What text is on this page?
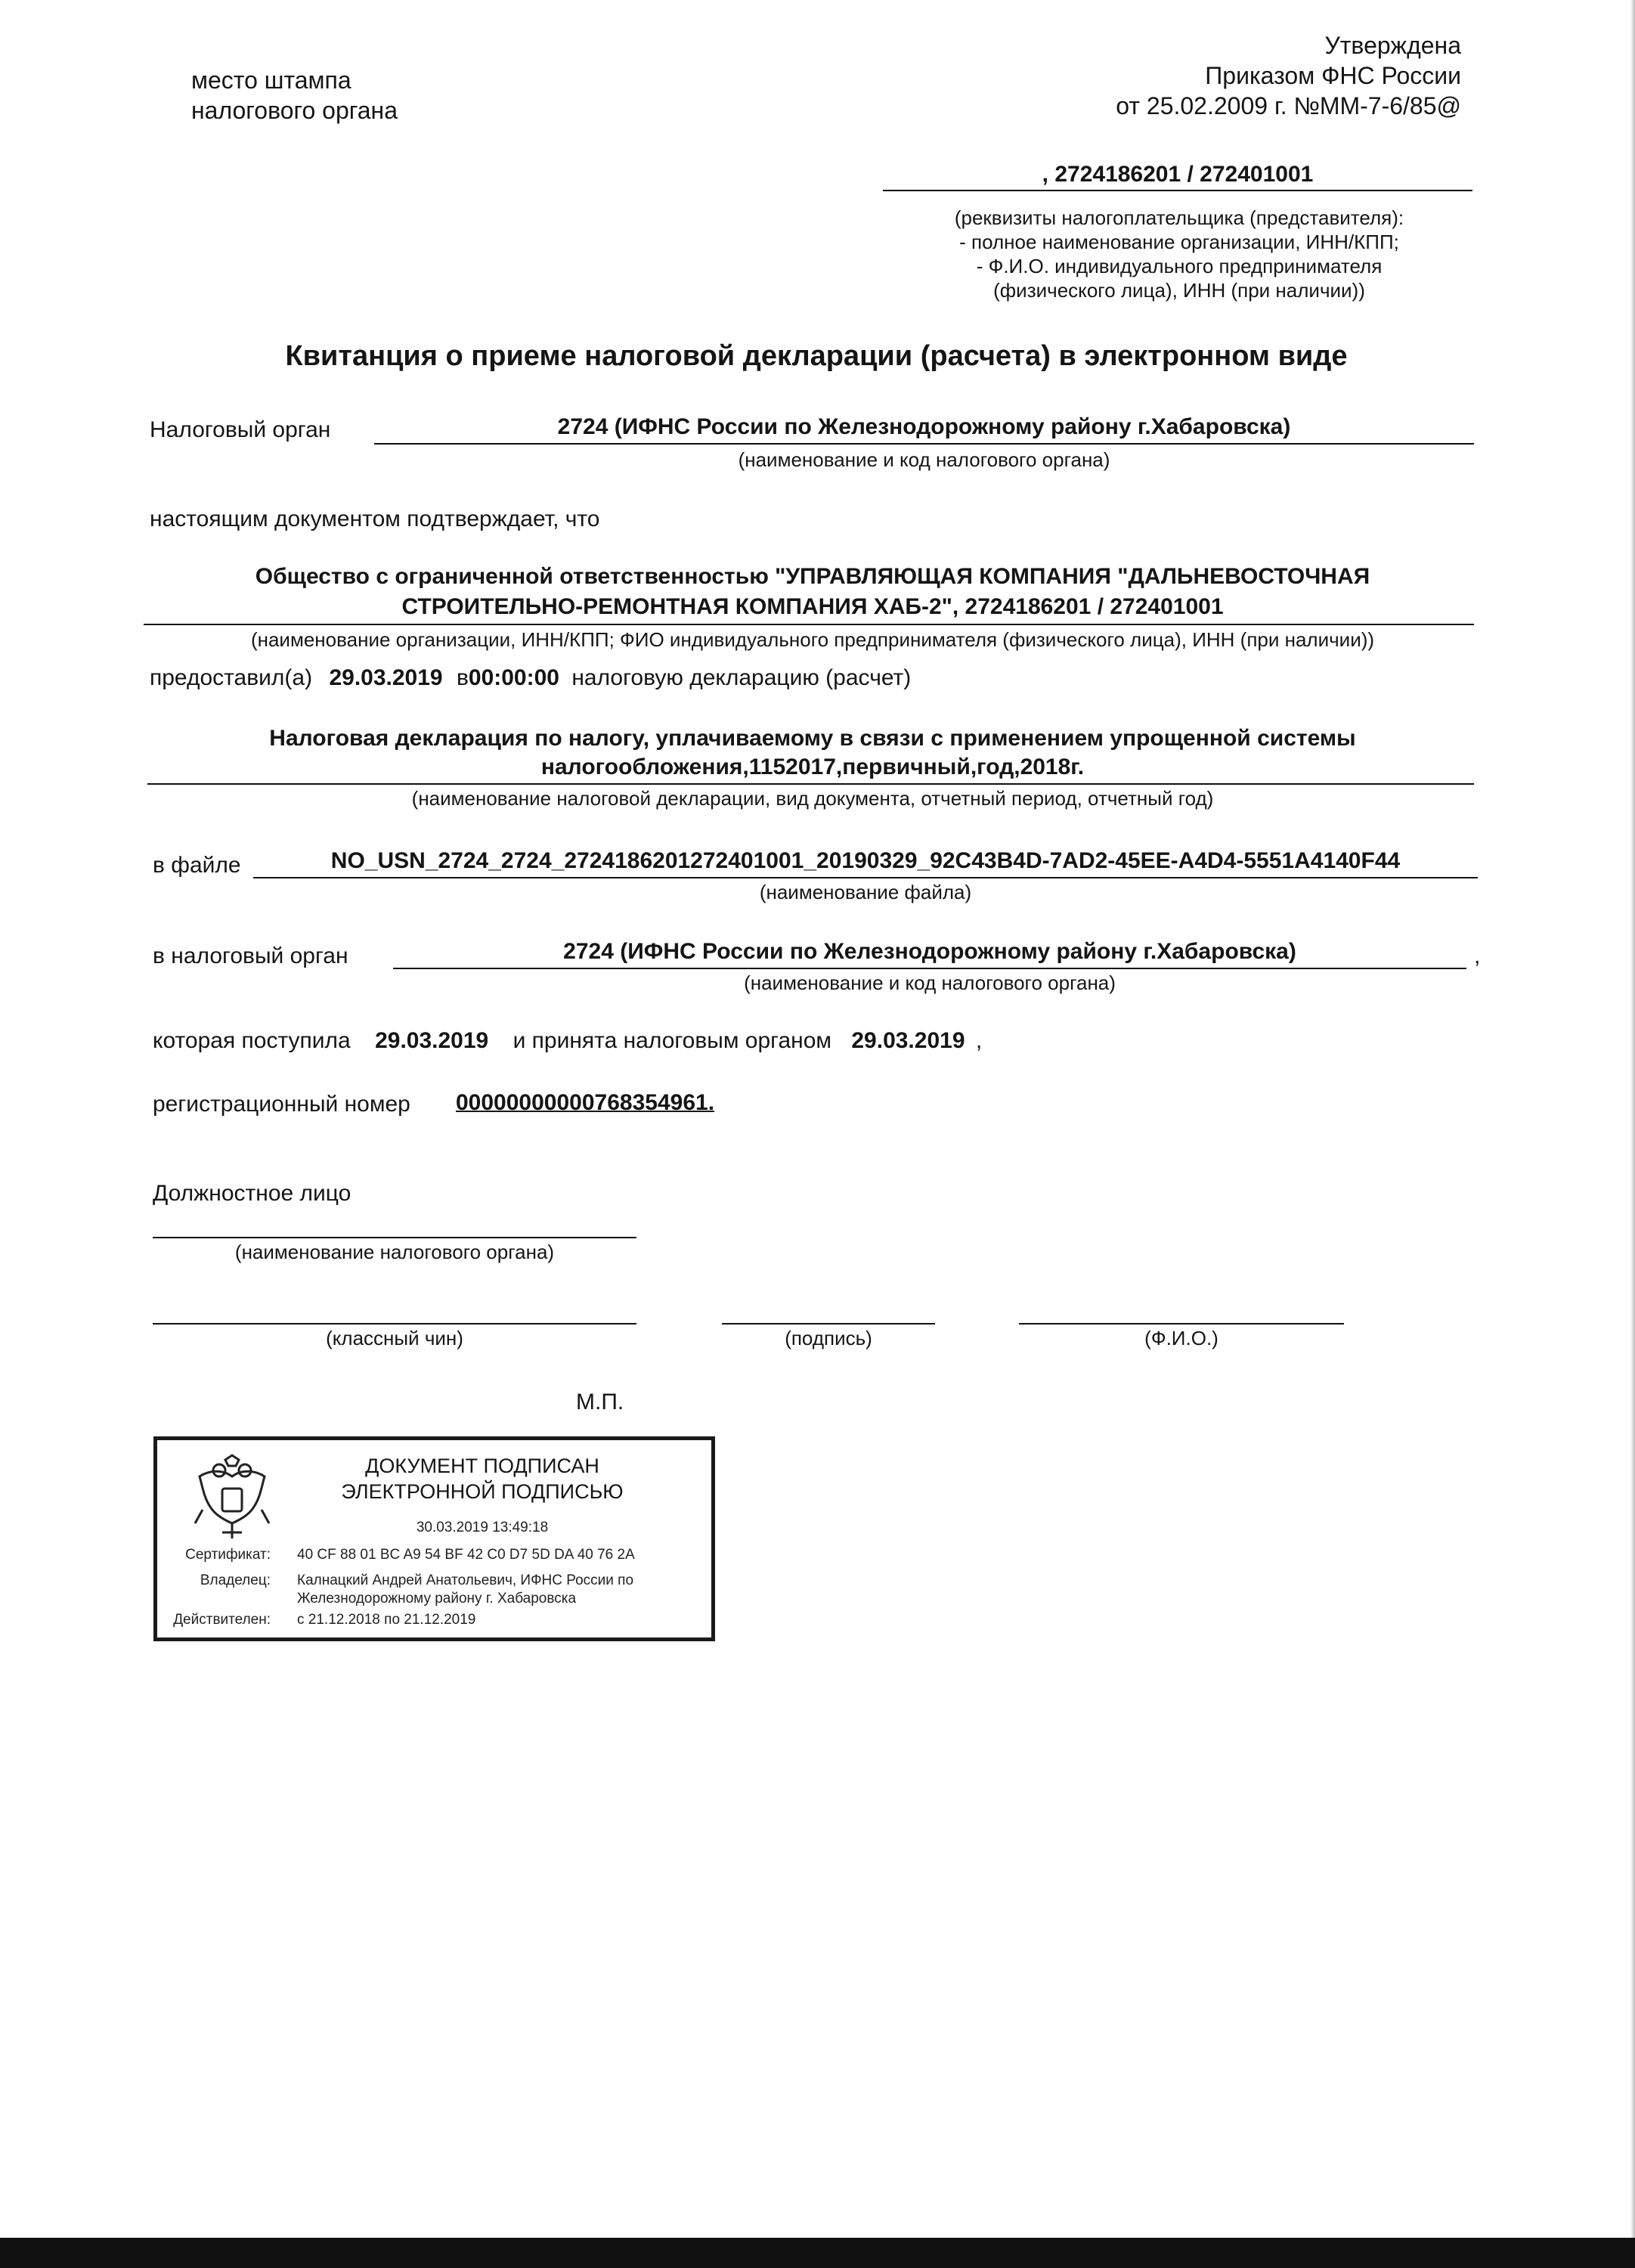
место штампа
налогового органа
Утверждена
Приказом ФНС России
от 25.02.2009 г. №ММ-7-6/85@
, 2724186201 / 272401001
(реквизиты налогоплательщика (представителя):
- полное наименование организации, ИНН/КПП;
- Ф.И.О. индивидуального предпринимателя
(физического лица), ИНН (при наличии))
Квитанция о приеме налоговой декларации (расчета) в электронном виде
Налоговый орган	2724 (ИФНС России по Железнодорожному району г.Хабаровска)
(наименование и код налогового органа)
настоящим документом подтверждает, что
Общество с ограниченной ответственностью "УПРАВЛЯЮЩАЯ КОМПАНИЯ "ДАЛЬНЕВОСТОЧНАЯ
СТРОИТЕЛЬНО-РЕМОНТНАЯ КОМПАНИЯ ХАБ-2", 2724186201 / 272401001
(наименование организации, ИНН/КПП; ФИО индивидуального предпринимателя (физического лица), ИНН (при наличии))
предоставил(а) 29.03.2019 в00:00:00 налоговую декларацию (расчет)
Налоговая декларация по налогу, уплачиваемому в связи с применением упрощенной системы
налогообложения,1152017,первичный,год,2018г.
(наименование налоговой декларации, вид документа, отчетный период, отчетный год)
в файле	NO_USN_2724_2724_2724186201272401001_20190329_92C43B4D-7AD2-45EE-A4D4-5551A4140F44
(наименование файла)
в налоговый орган	2724 (ИФНС России по Железнодорожному району г.Хабаровска)	,
(наименование и код налогового органа)
которая поступила 29.03.2019 и принята налоговым органом 29.03.2019 ,
регистрационный номер 00000000000768354961.
Должностное лицо
(наименование налогового органа)
(классный чин)	(подпись)	(Ф.И.О.)
М.П.
ДОКУМЕНТ ПОДПИСАН
ЭЛЕКТРОННОЙ ПОДПИСЬЮ
30.03.2019 13:49:18
Сертификат: 40 CF 88 01 BC A9 54 BF 42 C0 D7 5D DA 40 76 2A
Владелец: Калнацкий Андрей Анатольевич, ИФНС России по
Железнодорожному району г. Хабаровска
Действителен: с 21.12.2018 по 21.12.2019
